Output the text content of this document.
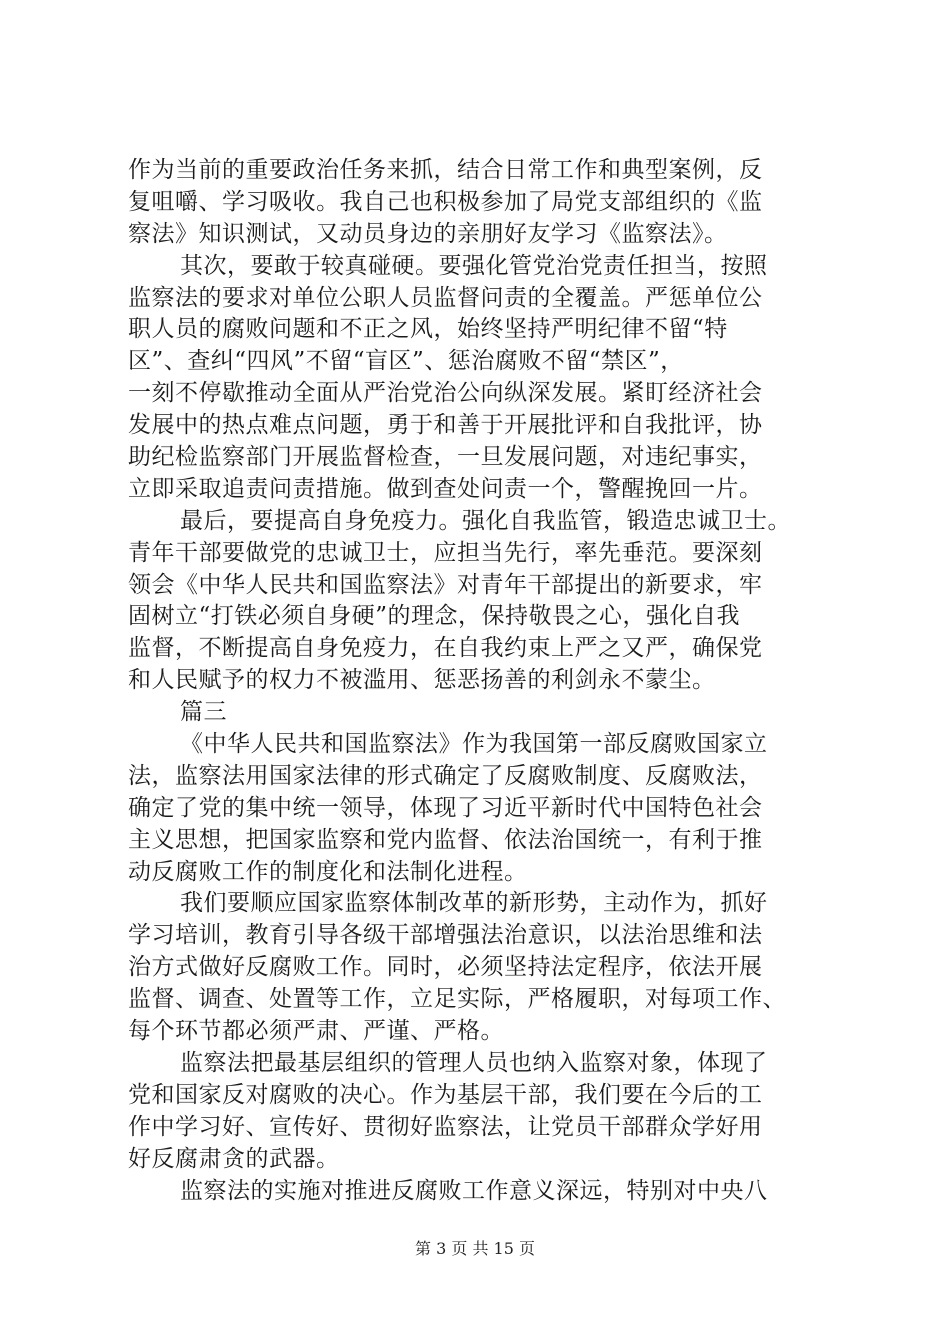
作为当前的重要政治任务来抓，结合日常工作和典型案例，反
复咀嚼、学习吸收。我自己也积极参加了局党支部组织的《监
察法》知识测试，又动员身边的亲朋好友学习《监察法》。
其次，要敢于较真碰硬。要强化管党治党责任担当，按照
监察法的要求对单位公职人员监督问责的全覆盖。严惩单位公
职人员的腐败问题和不正之风，始终坚持严明纪律不留“特
区”、查纠“四风”不留“盲区”、惩治腐败不留“禁区”，
一刻不停歇推动全面从严治党治公向纵深发展。紧盯经济社会
发展中的热点难点问题，勇于和善于开展批评和自我批评，协
助纪检监察部门开展监督检查，一旦发展问题，对违纪事实，
立即采取追责问责措施。做到查处问责一个，警醒挽回一片。
最后，要提高自身免疫力。强化自我监管，锻造忠诚卫士。
青年干部要做党的忠诚卫士，应担当先行，率先垂范。要深刻
领会《中华人民共和国监察法》对青年干部提出的新要求，牢
固树立“打铁必须自身硬”的理念，保持敬畏之心，强化自我
监督，不断提高自身免疫力，在自我约束上严之又严，确保党
和人民赋予的权力不被滥用、惩恶扬善的利剑永不蒙尘。
篇三
《中华人民共和国监察法》作为我国第一部反腐败国家立
法，监察法用国家法律的形式确定了反腐败制度、反腐败法，
确定了党的集中统一领导，体现了习近平新时代中国特色社会
主义思想，把国家监察和党内监督、依法治国统一，有利于推
动反腐败工作的制度化和法制化进程。
我们要顺应国家监察体制改革的新形势，主动作为，抓好
学习培训，教育引导各级干部增强法治意识，以法治思维和法
治方式做好反腐败工作。同时，必须坚持法定程序，依法开展
监督、调查、处置等工作，立足实际，严格履职，对每项工作、
每个环节都必须严肃、严谨、严格。
监察法把最基层组织的管理人员也纳入监察对象，体现了
党和国家反对腐败的决心。作为基层干部，我们要在今后的工
作中学习好、宣传好、贯彻好监察法，让党员干部群众学好用
好反腐肃贪的武器。
监察法的实施对推进反腐败工作意义深远，特别对中央八
第 3 页 共 15 页
